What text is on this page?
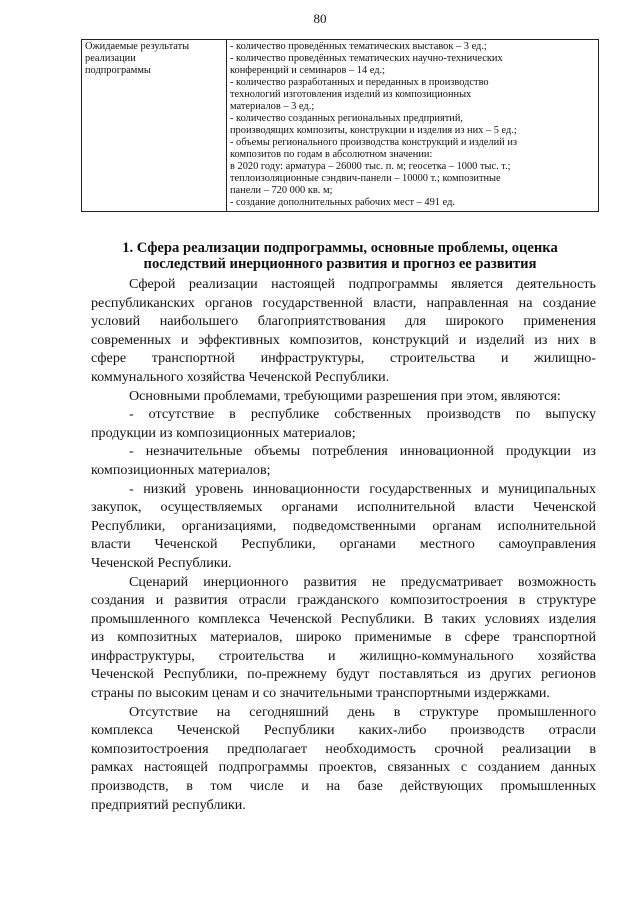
80
Ожидаемые результаты
реализации
подпрограммы

- количество проведённых тематических выставок – 3 ед.;
- количество проведённых тематических научно-технических
конференций и семинаров – 14 ед.;
- количество разработанных и переданных в производство
технологий изготовления изделий из композиционных
материалов – 3 ед.;
- количество созданных региональных предприятий,
производящих композиты, конструкции и изделия из них – 5 ед.;
- объемы регионального производства конструкций и изделий из
композитов по годам в абсолютном значении:
в 2020 году: арматура – 26000 тыс. п. м; геосетка – 1000 тыс. т.;
теплоизоляционные сэндвич-панели – 10000 т.; композитные
панели – 720 000 кв. м;
- создание дополнительных рабочих мест – 491 ед.
1. Сфера реализации подпрограммы, основные проблемы, оценка
последствий инерционного развития и прогноз ее развития
Сферой реализации настоящей подпрограммы является деятельность
республиканских органов государственной власти, направленная на создание
условий наибольшего благоприятствования для широкого применения
современных и эффективных композитов, конструкций и изделий из них в
сфере транспортной инфраструктуры, строительства и жилищно-
коммунального хозяйства Чеченской Республики.
Основными проблемами, требующими разрешения при этом, являются:
- отсутствие в республике собственных производств по выпуску
продукции из композиционных материалов;
- незначительные объемы потребления инновационной продукции из
композиционных материалов;
- низкий уровень инновационности государственных и муниципальных
закупок, осуществляемых органами исполнительной власти Чеченской
Республики, организациями, подведомственными органам исполнительной
власти Чеченской Республики, органами местного самоуправления
Чеченской Республики.
Сценарий инерционного развития не предусматривает возможность
создания и развития отрасли гражданского композитостроения в структуре
промышленного комплекса Чеченской Республики. В таких условиях изделия
из композитных материалов, широко применимые в сфере транспортной
инфраструктуры, строительства и жилищно-коммунального хозяйства
Чеченской Республики, по-прежнему будут поставляться из других регионов
страны по высоким ценам и со значительными транспортными издержками.
Отсутствие на сегодняшний день в структуре промышленного
комплекса Чеченской Республики каких-либо производств отрасли
композитостроения предполагает необходимость срочной реализации в
рамках настоящей подпрограммы проектов, связанных с созданием данных
производств, в том числе и на базе действующих промышленных
предприятий республики.
